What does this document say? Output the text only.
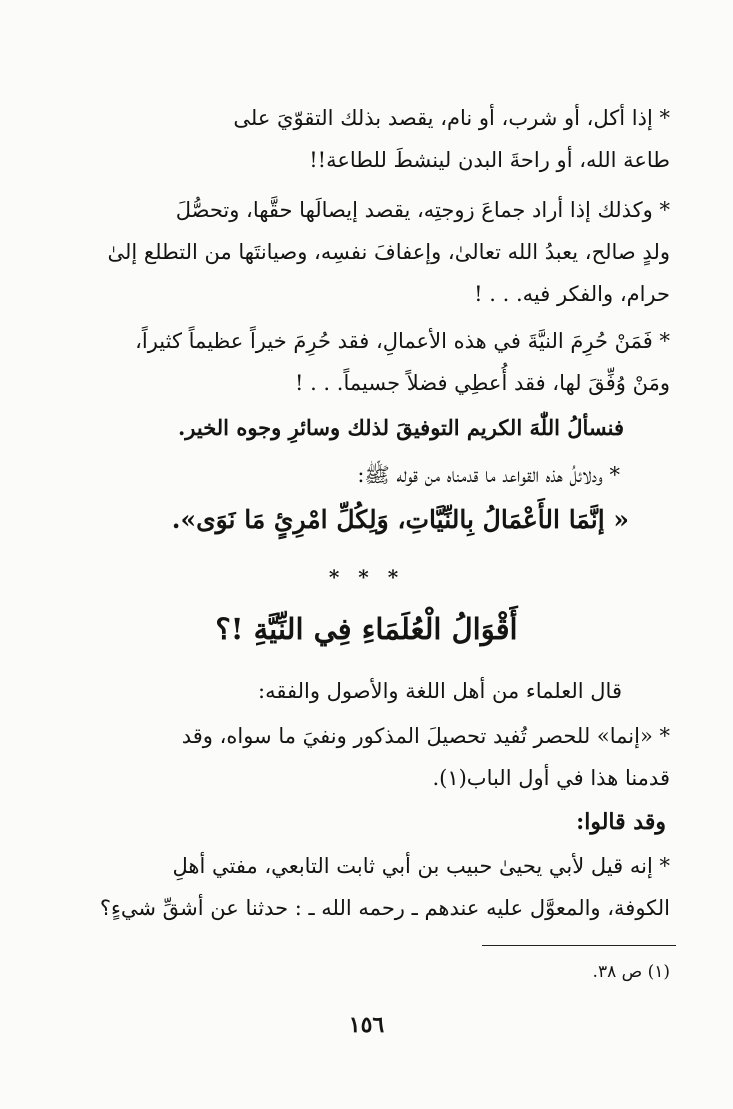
* إذا أكل، أو شرب، أو نام، يقصد بذلك التقوّيَ على
طاعة الله، أو راحةَ البدن لينشطَ للطاعة!!
* وكذلك إذا أراد جماعَ زوجتِه، يقصد إيصالَها حقَّها، وتحصُّلَ
ولدٍ صالح، يعبدُ الله تعالىٰ، وإعفافَ نفسِه، وصيانتَها من التطلع إلىٰ
حرام، والفكر فيه. . . !
* فَمَنْ حُرِمَ النيَّةَ في هذه الأعمالِ، فقد حُرِمَ خيراً عظيماً كثيراً،
ومَنْ وُفِّقَ لها، فقد أُعطِي فضلاً جسيماً. . . !
فنسألُ اللّٰهَ الكريم التوفيقَ لذلك وسائرِ وجوه الخير.
* ودلائلُ هذه القواعد ما قدمناه من قوله ﷺ:
« إنَّمَا الأَعْمَالُ بِالنِّيَّاتِ، وَلِكُلِّ امْرِئٍ مَا نَوَى».
* * *
أَقْوَالُ الْعُلَمَاءِ فِي النِّيَّةِ !؟
قال العلماء من أهل اللغة والأصول والفقه:
* «إنما» للحصر تُفيد تحصيلَ المذكور ونفيَ ما سواه، وقد
قدمنا هذا في أول الباب(١).
وقد قالوا:
* إنه قيل لأبي يحيىٰ حبيب بن أبي ثابت التابعي، مفتي أهلِ
الكوفة، والمعوَّل عليه عندهم ـ رحمه الله ـ : حدثنا عن أشقِّ شيءٍ؟
(١) ص ٣٨.
١٥٦
